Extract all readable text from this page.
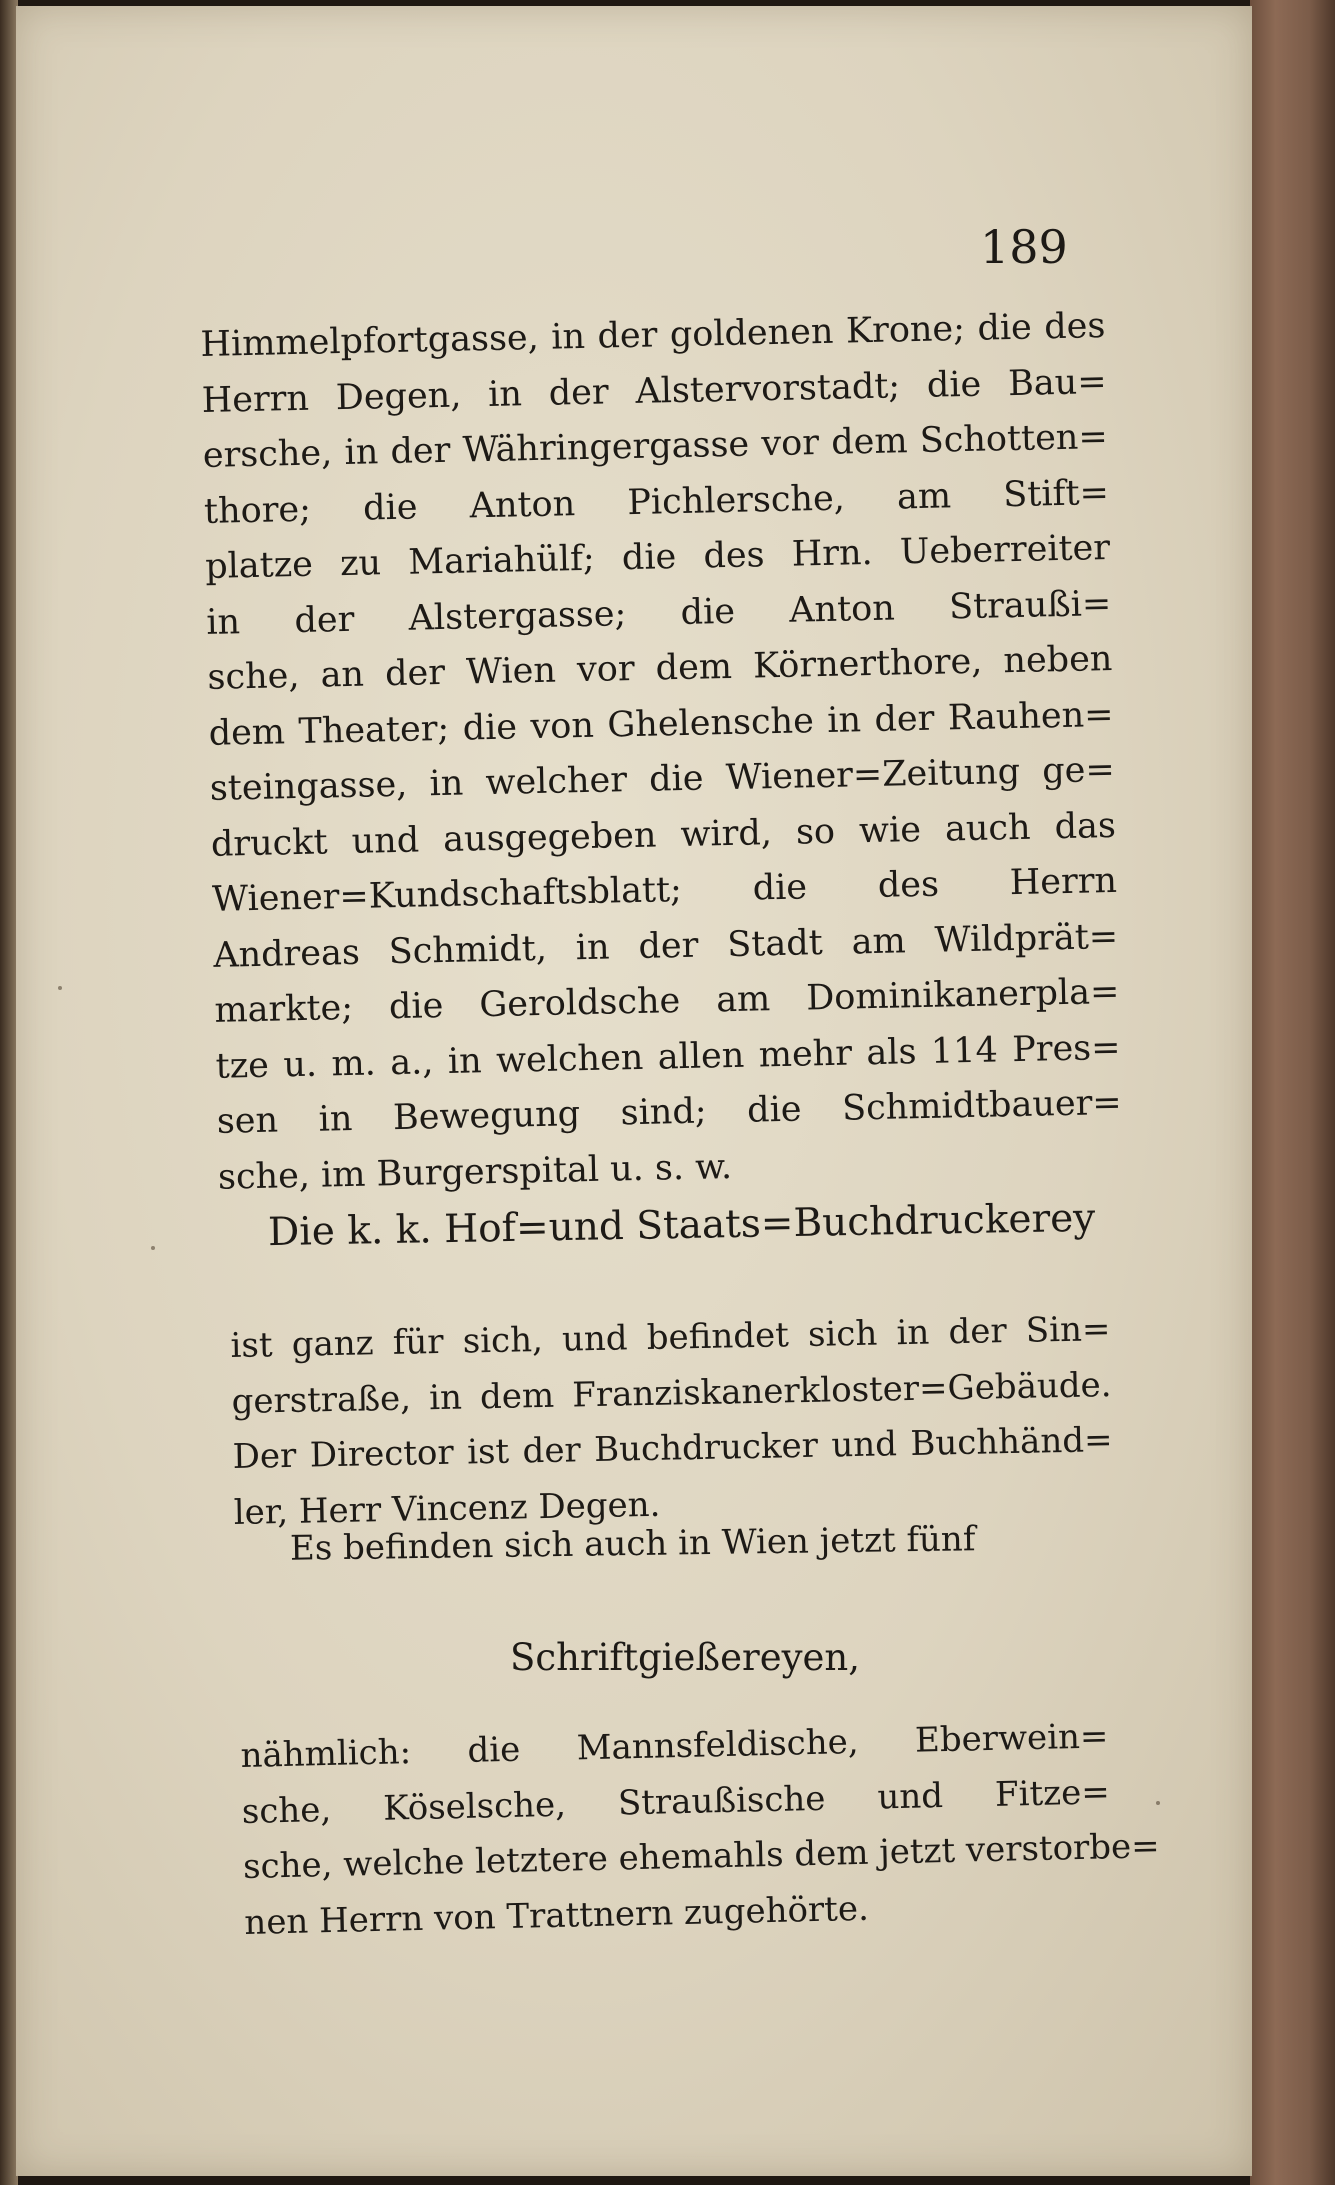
189
Himmelpfortgasse, in der goldenen Krone; die des
Herrn Degen, in der Alstervorstadt; die Bau=
ersche, in der Währingergasse vor dem Schotten=
thore; die Anton Pichlersche, am Stift=
platze zu Mariahülf; die des Hrn. Ueberreiter
in der Alstergasse; die Anton Straußi=
sche, an der Wien vor dem Körnerthore, neben
dem Theater; die von Ghelensche in der Rauhen=
steingasse, in welcher die Wiener=Zeitung ge=
druckt und ausgegeben wird, so wie auch das
Wiener=Kundschaftsblatt; die des Herrn
Andreas Schmidt, in der Stadt am Wildprät=
markte; die Geroldsche am Dominikanerpla=
tze u. m. a., in welchen allen mehr als 114 Pres=
sen in Bewegung sind; die Schmidtbauer=
sche, im Burgerspital u. s. w.
Die k. k. Hof=und Staats=Buchdruckerey
ist ganz für sich, und befindet sich in der Sin=
gerstraße, in dem Franziskanerkloster=Gebäude.
Der Director ist der Buchdrucker und Buchhänd=
ler, Herr Vincenz Degen.
Es befinden sich auch in Wien jetzt fünf
Schriftgießereyen,
nähmlich: die Mannsfeldische, Eberwein=
sche, Köselsche, Straußische und Fitze=
sche, welche letztere ehemahls dem jetzt verstorbe=
nen Herrn von Trattnern zugehörte.
